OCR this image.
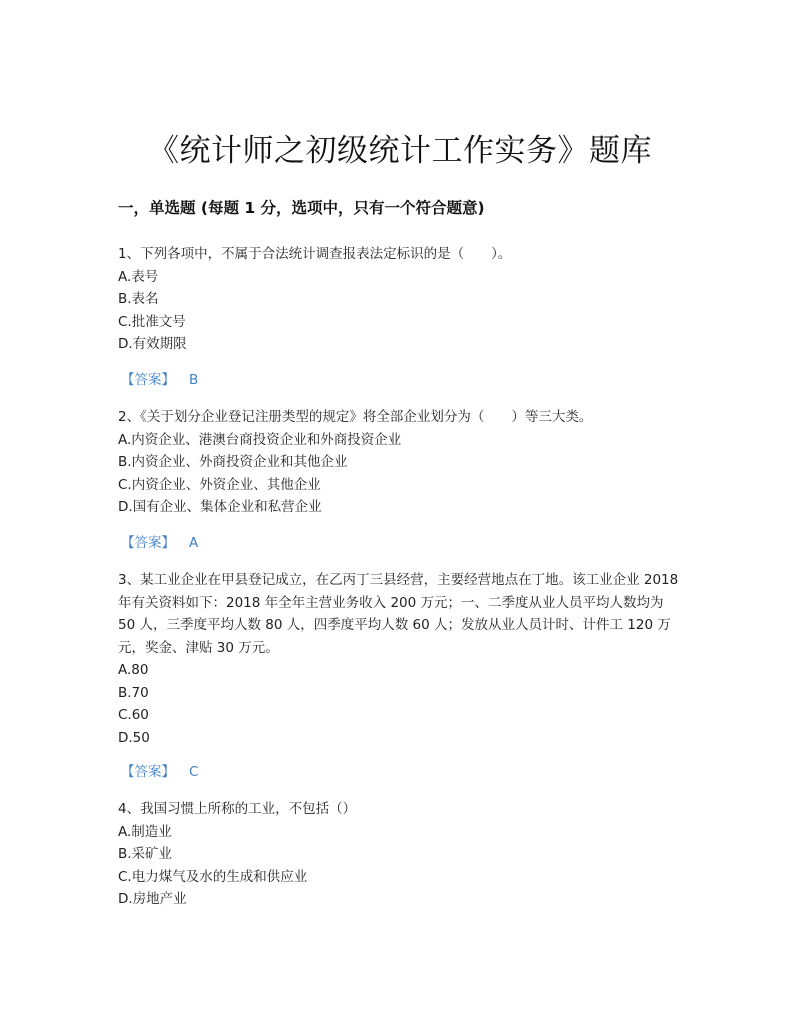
《统计师之初级统计工作实务》题库
一，单选题 (每题 1 分，选项中，只有一个符合题意)

1、下列各项中，不属于合法统计调查报表法定标识的是（　　）。

A.表号
B.表名
C.批准文号
D.有效期限
【答案】 B

2、《关于划分企业登记注册类型的规定》将全部企业划分为（　　）等三大类。

A.内资企业、港澳台商投资企业和外商投资企业
B.内资企业、外商投资企业和其他企业
C.内资企业、外资企业、其他企业
D.国有企业、集体企业和私营企业
【答案】 A

3、某工业企业在甲县登记成立，在乙丙丁三县经营，主要经营地点在丁地。该工业企业 2018 年有关资料如下：2018 年全年主营业务收入 200 万元；一、二季度从业人员平均人数均为 50 人，三季度平均人数 80 人，四季度平均人数 60 人；发放从业人员计时、计件工 120 万元，奖金、津贴 30 万元。

A.80
B.70
C.60
D.50
【答案】 C

4、我国习惯上所称的工业，不包括（）

A.制造业
B.采矿业
C.电力煤气及水的生成和供应业
D.房地产业
